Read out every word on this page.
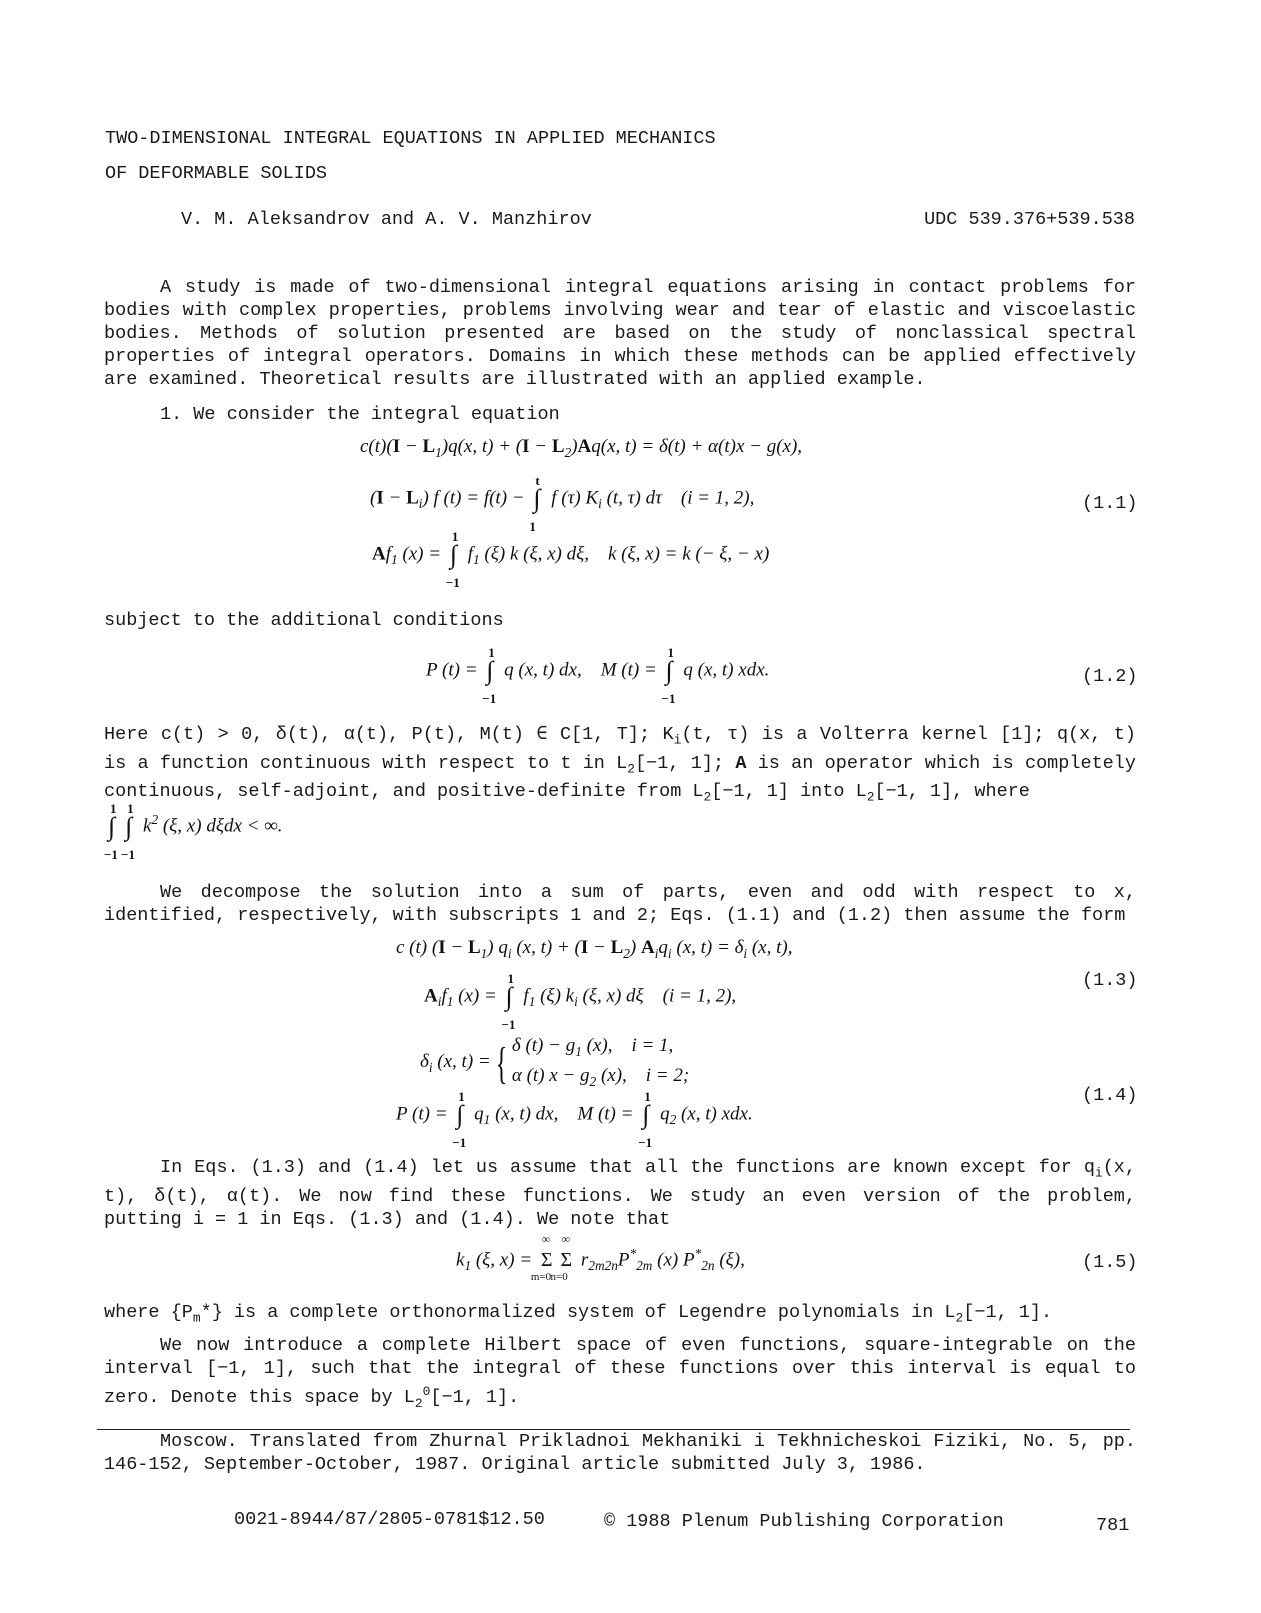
TWO-DIMENSIONAL INTEGRAL EQUATIONS IN APPLIED MECHANICS
OF DEFORMABLE SOLIDS
V. M. Aleksandrov and A. V. Manzhirov	UDC 539.376+539.538
A study is made of two-dimensional integral equations arising in contact problems for bodies with complex properties, problems involving wear and tear of elastic and viscoelastic bodies. Methods of solution presented are based on the study of nonclassical spectral properties of integral operators. Domains in which these methods can be applied effectively are examined. Theoretical results are illustrated with an applied example.
1. We consider the integral equation
$c(t)(I - L_1)q(x$, $t) + (I - L_2)Aq(x$, t) = δ(t) + α(t)x − g(x),
$(I - L_i)$ f (t) = f(t) − ∫
t
1
f (τ) $K_i$ (t, τ) dτ    (i = 1, 2),	(1.1)
$Af_1$ (x) = ∫
1
−1
$f_1$ (ξ) k (ξ, x) dξ,    k (ξ, x) = k (− ξ, − x)
subject to the additional conditions
P (t) = ∫
1
−1
q (x, t) dx,    M (t) = ∫
1
−1
q (x, t) xdx.	(1.2)
Here c(t) > 0, δ(t), α(t), P(t), M(t) ∈ C[1, T]; $K_i(t$, τ) is a Volterra kernel [1]; q(x, t) is a function continuous with respect to t in $L_2[-1$, 1]; A is an operator which is completely continuous, self-adjoint, and positive-definite from $L_2[-1$, 1] into $L_2[-1$, 1], where
∫
1
−1
∫
1
−1
$k^2$ (ξ, x) dξdx < ∞.
We decompose the solution into a sum of parts, even and odd with respect to x, identified, respectively, with subscripts 1 and 2; Eqs. (1.1) and (1.2) then assume the form
c (t) $(I - L_1)$ $q_i$ (x, $t) + (I - L_2)$ $A_iq_i$ (x, $t) = \delta_i$ (x, t),
$A_if_1$ (x) = ∫
1
−1
$f_1$ (ξ) $k_i$ (ξ, x) dξ    (i = 1, 2),
(1.3)
$\delta_i$ (x, t) = { δ $(t) - g_1$ (x),    i = 1,
α (t) $x - g_2$ (x),    i = 2;
P (t) = ∫
1
−1
$q_1$ (x, t) dx,    M (t) = ∫
1
−1
$q_2$ (x, t) xdx.
(1.4)
In Eqs. (1.3) and (1.4) let us assume that all the functions are known except for $q_i(x$, t), δ(t), α(t). We now find these functions. We study an even version of the problem, putting i = 1 in Eqs. (1.3) and (1.4). We note that
$k_1$ (ξ, x) = Σ
∞
m=0
Σ
∞
n=0
$r_{2m2n}P^*_{2m}$ (x) $P^*_{2n}$ (ξ),	(1.5)
where $\{P_m*\}$ is a complete orthonormalized system of Legendre polynomials in $L_2[-1$, 1].
We now introduce a complete Hilbert space of even functions, square-integrable on the interval [−1, 1], such that the integral of these functions over this interval is equal to zero. Denote this space by $L_2^0[-1$, 1].
Moscow. Translated from Zhurnal Prikladnoi Mekhaniki i Tekhnicheskoi Fiziki, No. 5, pp. 146-152, September-October, 1987. Original article submitted July 3, 1986.
0021-8944/87/2805-0781$12.50	© 1988 Plenum Publishing Corporation	781
